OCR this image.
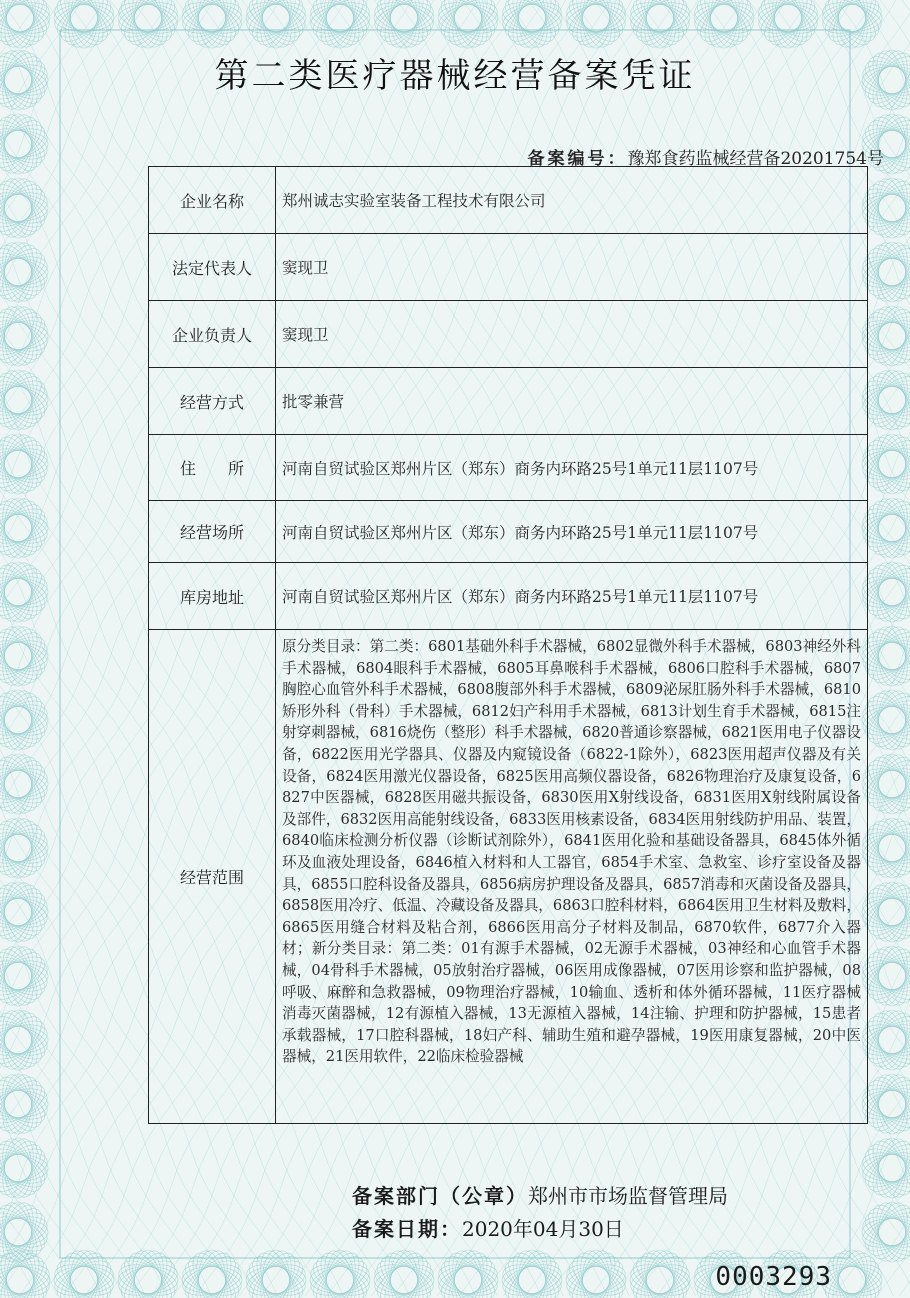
第二类医疗器械经营备案凭证
备案编号：豫郑食药监械经营备20201754号
企业名称	郑州诚志实验室装备工程技术有限公司
法定代表人	窦现卫
企业负责人	窦现卫
经营方式	批零兼营
住　　所	河南自贸试验区郑州片区（郑东）商务内环路25号1单元11层1107号
经营场所	河南自贸试验区郑州片区（郑东）商务内环路25号1单元11层1107号
库房地址	河南自贸试验区郑州片区（郑东）商务内环路25号1单元11层1107号
经营范围	原分类目录：第二类：6801基础外科手术器械，6802显微外科手术器械，6803神经外科手术器械，6804眼科手术器械，6805耳鼻喉科手术器械，6806口腔科手术器械，6807胸腔心血管外科手术器械，6808腹部外科手术器械，6809泌尿肛肠外科手术器械，6810矫形外科（骨科）手术器械，6812妇产科用手术器械，6813计划生育手术器械，6815注射穿刺器械，6816烧伤（整形）科手术器械，6820普通诊察器械，6821医用电子仪器设备，6822医用光学器具、仪器及内窥镜设备（6822-1除外），6823医用超声仪器及有关设备，6824医用激光仪器设备，6825医用高频仪器设备，6826物理治疗及康复设备，6827中医器械，6828医用磁共振设备，6830医用X射线设备，6831医用X射线附属设备及部件，6832医用高能射线设备，6833医用核素设备，6834医用射线防护用品、装置，6840临床检测分析仪器（诊断试剂除外），6841医用化验和基础设备器具，6845体外循环及血液处理设备，6846植入材料和人工器官，6854手术室、急救室、诊疗室设备及器具，6855口腔科设备及器具，6856病房护理设备及器具，6857消毒和灭菌设备及器具，6858医用冷疗、低温、冷藏设备及器具，6863口腔科材料，6864医用卫生材料及敷料，6865医用缝合材料及粘合剂，6866医用高分子材料及制品，6870软件，6877介入器材；新分类目录：第二类：01有源手术器械，02无源手术器械，03神经和心血管手术器械，04骨科手术器械，05放射治疗器械，06医用成像器械，07医用诊察和监护器械，08呼吸、麻醉和急救器械，09物理治疗器械，10输血、透析和体外循环器械，11医疗器械消毒灭菌器械，12有源植入器械，13无源植入器械，14注输、护理和防护器械，15患者承载器械，17口腔科器械，18妇产科、辅助生殖和避孕器械，19医用康复器械，20中医器械，21医用软件，22临床检验器械
备案部门（公章）郑州市市场监督管理局
备案日期：2020年04月30日
0003293
